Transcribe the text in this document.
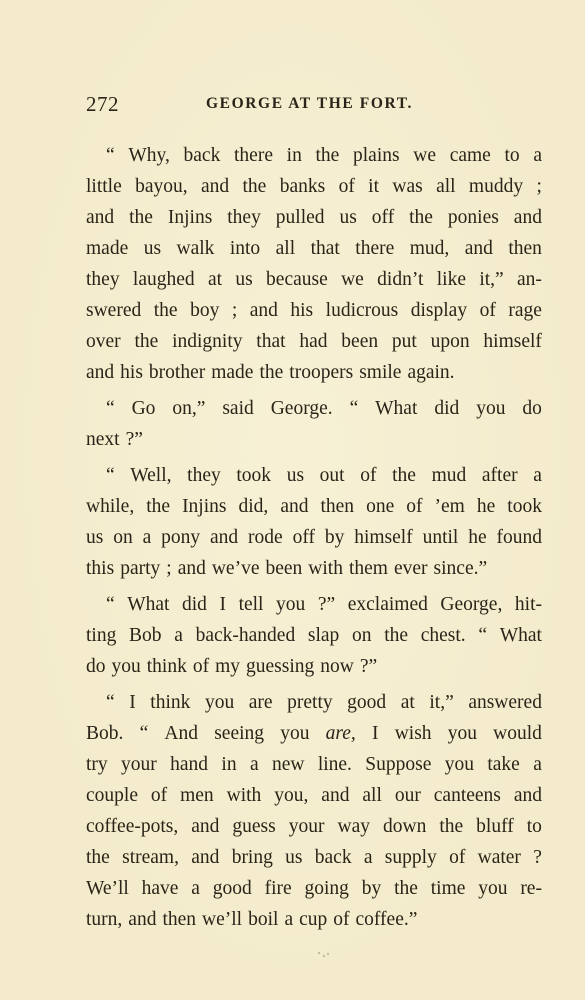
272	GEORGE AT THE FORT.
“ Why, back there in the plains we came to a
little bayou, and the banks of it was all muddy ;
and the Injins they pulled us off the ponies and
made us walk into all that there mud, and then
they laughed at us because we didn’t like it,” an-
swered the boy ; and his ludicrous display of rage
over the indignity that had been put upon himself
and his brother made the troopers smile again.
“ Go on,” said George. “ What did you do
next ?”
“ Well, they took us out of the mud after a
while, the Injins did, and then one of ’em he took
us on a pony and rode off by himself until he found
this party ; and we’ve been with them ever since.”
“ What did I tell you ?” exclaimed George, hit-
ting Bob a back-handed slap on the chest. “ What
do you think of my guessing now ?”
“ I think you are pretty good at it,” answered
Bob. “ And seeing you are, I wish you would
try your hand in a new line. Suppose you take a
couple of men with you, and all our canteens and
coffee-pots, and guess your way down the bluff to
the stream, and bring us back a supply of water ?
We’ll have a good fire going by the time you re-
turn, and then we’ll boil a cup of coffee.”
